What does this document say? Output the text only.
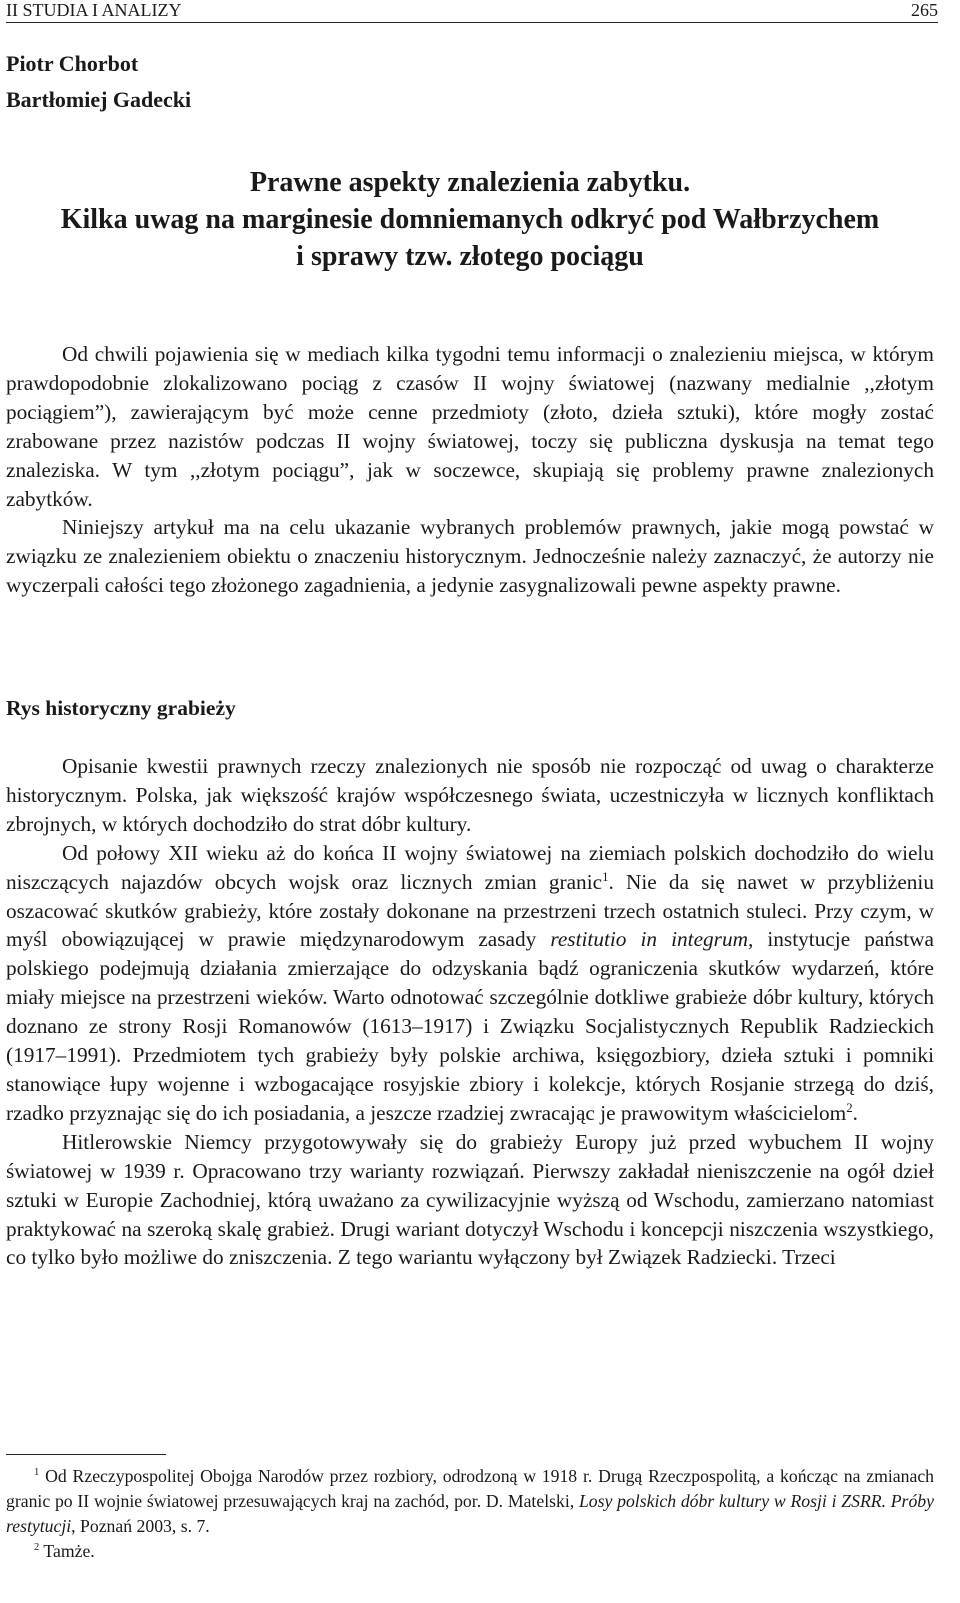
II STUDIA I ANALIZY	265
Piotr Chorbot
Bartłomiej Gadecki
Prawne aspekty znalezienia zabytku.
Kilka uwag na marginesie domniemanych odkryć pod Wałbrzychem
i sprawy tzw. złotego pociągu

Od chwili pojawienia się w mediach kilka tygodni temu informacji o znalezieniu miejsca, w którym prawdopodobnie zlokalizowano pociąg z czasów II wojny światowej (nazwany medialnie ,,złotym pociągiem”), zawierającym być może cenne przedmioty (złoto, dzieła sztuki), które mogły zostać zrabowane przez nazistów podczas II wojny światowej, toczy się publiczna dyskusja na temat tego znaleziska. W tym ,,złotym pociągu”, jak w soczewce, skupiają się problemy prawne znalezionych zabytków.

Niniejszy artykuł ma na celu ukazanie wybranych problemów prawnych, jakie mogą powstać w związku ze znalezieniem obiektu o znaczeniu historycznym. Jednocześnie należy zaznaczyć, że autorzy nie wyczerpali całości tego złożonego zagadnienia, a jedynie zasygnalizowali pewne aspekty prawne.

Rys historyczny grabieży

Opisanie kwestii prawnych rzeczy znalezionych nie sposób nie rozpocząć od uwag o charakterze historycznym. Polska, jak większość krajów współczesnego świata, uczestniczyła w licznych konfliktach zbrojnych, w których dochodziło do strat dóbr kultury.

Od połowy XII wieku aż do końca II wojny światowej na ziemiach polskich dochodziło do wielu niszczących najazdów obcych wojsk oraz licznych zmian granic$^1$. Nie da się nawet w przybliżeniu oszacować skutków grabieży, które zostały dokonane na przestrzeni trzech ostatnich stuleci. Przy czym, w myśl obowiązującej w prawie międzynarodowym zasady restitutio in integrum, instytucje państwa polskiego podejmują działania zmierzające do odzyskania bądź ograniczenia skutków wydarzeń, które miały miejsce na przestrzeni wieków. Warto odnotować szczególnie dotkliwe grabieże dóbr kultury, których doznano ze strony Rosji Romanowów (1613–1917) i Związku Socjalistycznych Republik Radzieckich (1917–1991). Przedmiotem tych grabieży były polskie archiwa, księgozbiory, dzieła sztuki i pomniki stanowiące łupy wojenne i wzbogacające rosyjskie zbiory i kolekcje, których Rosjanie strzegą do dziś, rzadko przyznając się do ich posiadania, a jeszcze rzadziej zwracając je prawowitym właścicielom$^2$.

Hitlerowskie Niemcy przygotowywały się do grabieży Europy już przed wybuchem II wojny światowej w 1939 r. Opracowano trzy warianty rozwiązań. Pierwszy zakładał nieniszczenie na ogół dzieł sztuki w Europie Zachodniej, którą uważano za cywilizacyjnie wyższą od Wschodu, zamierzano natomiast praktykować na szeroką skalę grabież. Drugi wariant dotyczył Wschodu i koncepcji niszczenia wszystkiego, co tylko było możliwe do zniszczenia. Z tego wariantu wyłączony był Związek Radziecki. Trzeci

$^1$ Od Rzeczypospolitej Obojga Narodów przez rozbiory, odrodzoną w 1918 r. Drugą Rzeczpospolitą, a kończąc na zmianach granic po II wojnie światowej przesuwających kraj na zachód, por. D. Matelski, Losy polskich dóbr kultury w Rosji i ZSRR. Próby restytucji, Poznań 2003, s. 7.

$^2$ Tamże.
